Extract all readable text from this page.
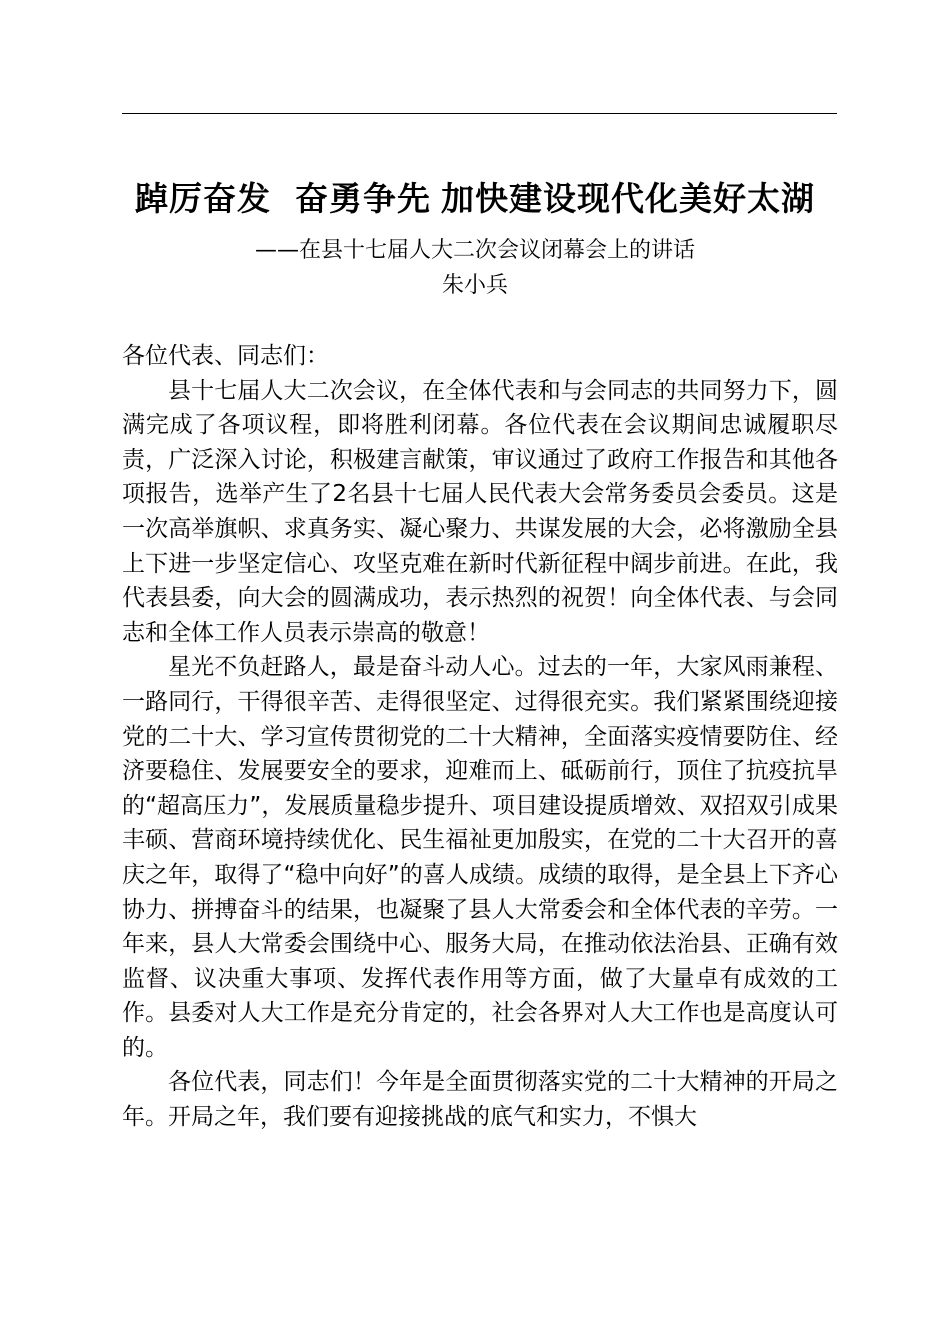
踔厉奋发 奋勇争先 加快建设现代化美好太湖
——在县十七届人大二次会议闭幕会上的讲话
朱小兵

各位代表、同志们：

县十七届人大二次会议，在全体代表和与会同志的共同努力下，圆满完成了各项议程，即将胜利闭幕。各位代表在会议期间忠诚履职尽责，广泛深入讨论，积极建言献策，审议通过了政府工作报告和其他各项报告，选举产生了2名县十七届人民代表大会常务委员会委员。这是一次高举旗帜、求真务实、凝心聚力、共谋发展的大会，必将激励全县上下进一步坚定信心、攻坚克难在新时代新征程中阔步前进。在此，我代表县委，向大会的圆满成功，表示热烈的祝贺！向全体代表、与会同志和全体工作人员表示崇高的敬意！

星光不负赶路人，最是奋斗动人心。过去的一年，大家风雨兼程、一路同行，干得很辛苦、走得很坚定、过得很充实。我们紧紧围绕迎接党的二十大、学习宣传贯彻党的二十大精神，全面落实疫情要防住、经济要稳住、发展要安全的要求，迎难而上、砥砺前行，顶住了抗疫抗旱的“超高压力”，发展质量稳步提升、项目建设提质增效、双招双引成果丰硕、营商环境持续优化、民生福祉更加殷实，在党的二十大召开的喜庆之年，取得了“稳中向好”的喜人成绩。成绩的取得，是全县上下齐心协力、拼搏奋斗的结果，也凝聚了县人大常委会和全体代表的辛劳。一年来，县人大常委会围绕中心、服务大局，在推动依法治县、正确有效监督、议决重大事项、发挥代表作用等方面，做了大量卓有成效的工作。县委对人大工作是充分肯定的，社会各界对人大工作也是高度认可的。

各位代表，同志们！今年是全面贯彻落实党的二十大精神的开局之年。开局之年，我们要有迎接挑战的底气和实力，不惧大
